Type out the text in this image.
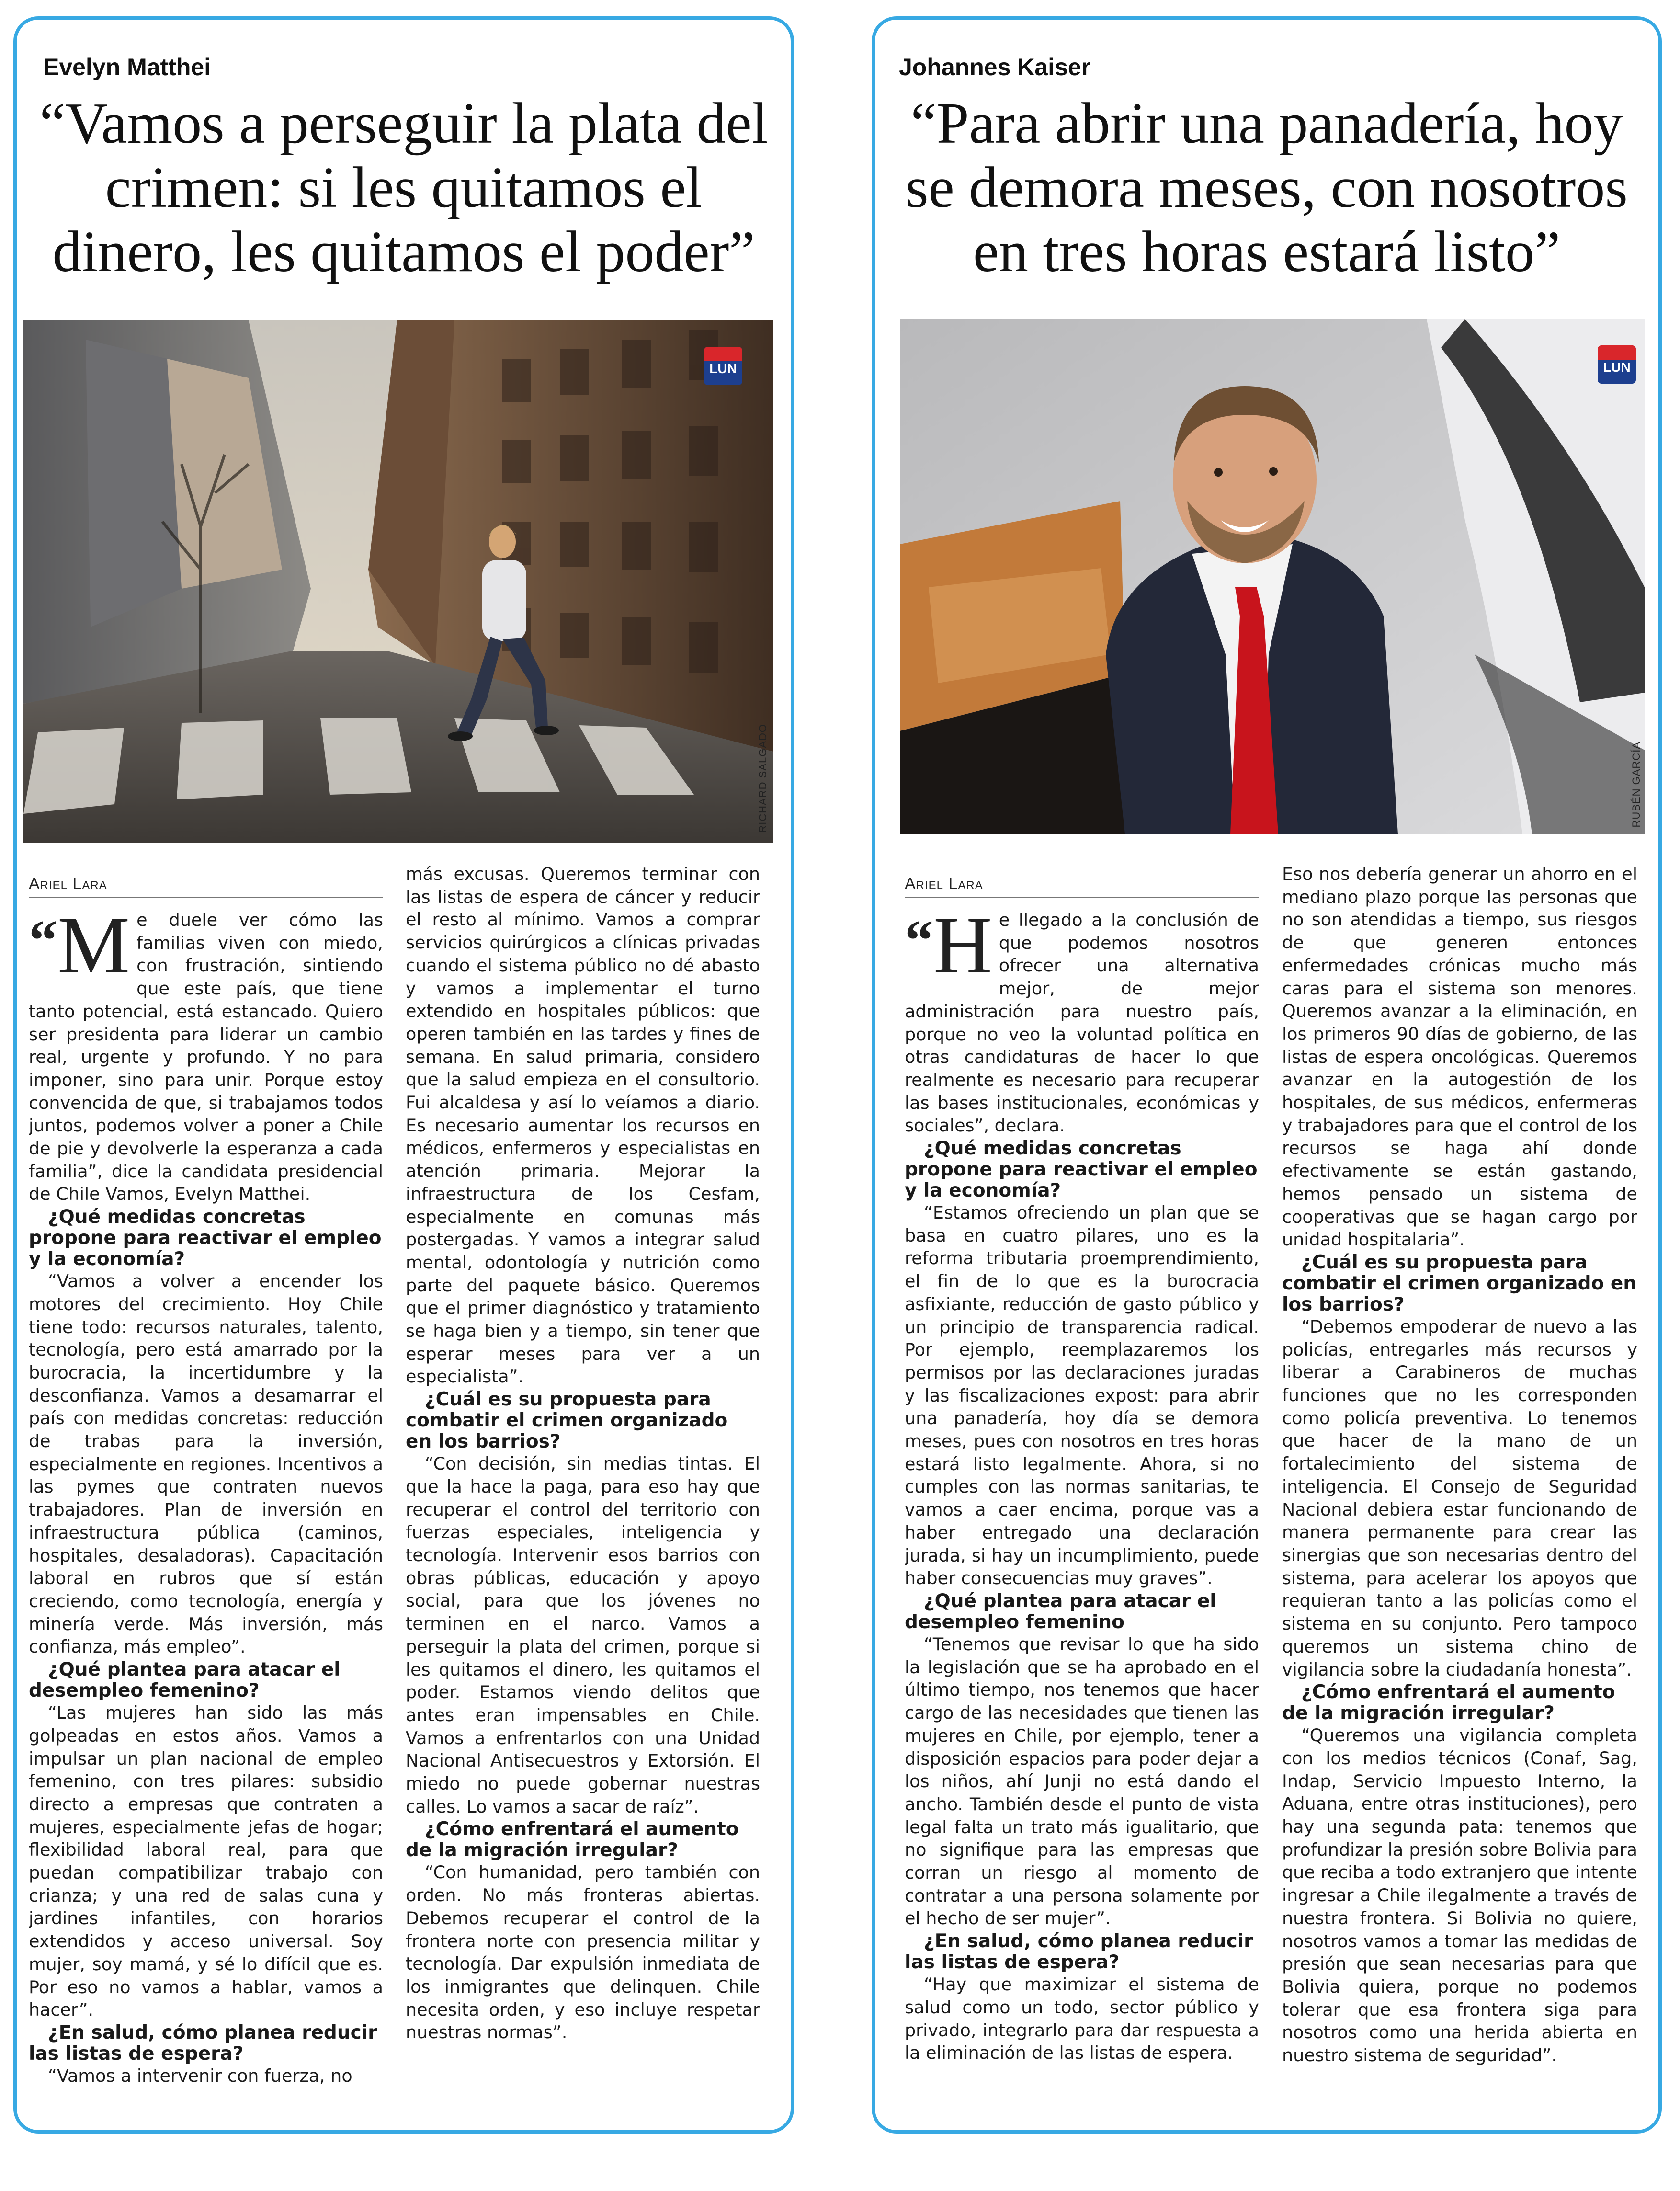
Evelyn Matthei
“Vamos a perseguir la plata del crimen: si les quitamos el dinero, les quitamos el poder”
LUN
RICHARD SALGADO
Ariel Lara

“M e duele ver cómo las familias viven con miedo, con frustración, sintiendo que este país, que tiene tanto potencial, está estancado. Quiero ser presidenta para liderar un cambio real, urgente y profundo. Y no para imponer, sino para unir. Porque estoy convencida de que, si trabajamos todos juntos, podemos volver a poner a Chile de pie y devolverle la esperanza a cada familia”, dice la candidata presidencial de Chile Vamos, Evelyn Matthei.

¿Qué medidas concretas propone para reactivar el empleo y la economía?

“Vamos a volver a encender los motores del crecimiento. Hoy Chile tiene todo: recursos naturales, talento, tecnología, pero está amarrado por la burocracia, la incertidumbre y la desconfianza. Vamos a desamarrar el país con medidas concretas: reducción de trabas para la inversión, especialmente en regiones. Incentivos a las pymes que contraten nuevos trabajadores. Plan de inversión en infraestructura pública (caminos, hospitales, desaladoras). Capacitación laboral en rubros que sí están creciendo, como tecnología, energía y minería verde. Más inversión, más confianza, más empleo”.

¿Qué plantea para atacar el desempleo femenino?

“Las mujeres han sido las más golpeadas en estos años. Vamos a impulsar un plan nacional de empleo femenino, con tres pilares: subsidio directo a empresas que contraten a mujeres, especialmente jefas de hogar; flexibilidad laboral real, para que puedan compatibilizar trabajo con crianza; y una red de salas cuna y jardines infantiles, con horarios extendidos y acceso universal. Soy mujer, soy mamá, y sé lo difícil que es. Por eso no vamos a hablar, vamos a hacer”.

¿En salud, cómo planea reducir las listas de espera?

“Vamos a intervenir con fuerza, no

más excusas. Queremos terminar con las listas de espera de cáncer y reducir el resto al mínimo. Vamos a comprar servicios quirúrgicos a clínicas privadas cuando el sistema público no dé abasto y vamos a implementar el turno extendido en hospitales públicos: que operen también en las tardes y fines de semana. En salud primaria, considero que la salud empieza en el consultorio. Fui alcaldesa y así lo veíamos a diario. Es necesario aumentar los recursos en médicos, enfermeros y especialistas en atención primaria. Mejorar la infraestructura de los Cesfam, especialmente en comunas más postergadas. Y vamos a integrar salud mental, odontología y nutrición como parte del paquete básico. Queremos que el primer diagnóstico y tratamiento se haga bien y a tiempo, sin tener que esperar meses para ver a un especialista”.

¿Cuál es su propuesta para combatir el crimen organizado en los barrios?

“Con decisión, sin medias tintas. El que la hace la paga, para eso hay que recuperar el control del territorio con fuerzas especiales, inteligencia y tecnología. Intervenir esos barrios con obras públicas, educación y apoyo social, para que los jóvenes no terminen en el narco. Vamos a perseguir la plata del crimen, porque si les quitamos el dinero, les quitamos el poder. Estamos viendo delitos que antes eran impensables en Chile. Vamos a enfrentarlos con una Unidad Nacional Antisecuestros y Extorsión. El miedo no puede gobernar nuestras calles. Lo vamos a sacar de raíz”.

¿Cómo enfrentará el aumento de la migración irregular?

“Con humanidad, pero también con orden. No más fronteras abiertas. Debemos recuperar el control de la frontera norte con presencia militar y tecnología. Dar expulsión inmediata de los inmigrantes que delinquen. Chile necesita orden, y eso incluye respetar nuestras normas”.

Johannes Kaiser
“Para abrir una panadería, hoy se demora meses, con nosotros en tres horas estará listo”
LUN
RUBÉN GARCÍA
Ariel Lara

“H e llegado a la conclusión de que podemos nosotros ofrecer una alternativa mejor, de mejor administración para nuestro país, porque no veo la voluntad política en otras candidaturas de hacer lo que realmente es necesario para recuperar las bases institucionales, económicas y sociales”, declara.

¿Qué medidas concretas propone para reactivar el empleo y la economía?

“Estamos ofreciendo un plan que se basa en cuatro pilares, uno es la reforma tributaria proemprendimiento, el fin de lo que es la burocracia asfixiante, reducción de gasto público y un principio de transparencia radical. Por ejemplo, reemplazaremos los permisos por las declaraciones juradas y las fiscalizaciones expost: para abrir una panadería, hoy día se demora meses, pues con nosotros en tres horas estará listo legalmente. Ahora, si no cumples con las normas sanitarias, te vamos a caer encima, porque vas a haber entregado una declaración jurada, si hay un incumplimiento, puede haber consecuencias muy graves”.

¿Qué plantea para atacar el desempleo femenino

“Tenemos que revisar lo que ha sido la legislación que se ha aprobado en el último tiempo, nos tenemos que hacer cargo de las necesidades que tienen las mujeres en Chile, por ejemplo, tener a disposición espacios para poder dejar a los niños, ahí Junji no está dando el ancho. También desde el punto de vista legal falta un trato más igualitario, que no signifique para las empresas que corran un riesgo al momento de contratar a una persona solamente por el hecho de ser mujer”.

¿En salud, cómo planea reducir las listas de espera?

“Hay que maximizar el sistema de salud como un todo, sector público y privado, integrarlo para dar respuesta a la eliminación de las listas de espera.

Eso nos debería generar un ahorro en el mediano plazo porque las personas que no son atendidas a tiempo, sus riesgos de que generen entonces enfermedades crónicas mucho más caras para el sistema son menores. Queremos avanzar a la eliminación, en los primeros 90 días de gobierno, de las listas de espera oncológicas. Queremos avanzar en la autogestión de los hospitales, de sus médicos, enfermeras y trabajadores para que el control de los recursos se haga ahí donde efectivamente se están gastando, hemos pensado un sistema de cooperativas que se hagan cargo por unidad hospitalaria”.

¿Cuál es su propuesta para combatir el crimen organizado en los barrios?

“Debemos empoderar de nuevo a las policías, entregarles más recursos y liberar a Carabineros de muchas funciones que no les corresponden como policía preventiva. Lo tenemos que hacer de la mano de un fortalecimiento del sistema de inteligencia. El Consejo de Seguridad Nacional debiera estar funcionando de manera permanente para crear las sinergias que son necesarias dentro del sistema, para acelerar los apoyos que requieran tanto a las policías como el sistema en su conjunto. Pero tampoco queremos un sistema chino de vigilancia sobre la ciudadanía honesta”.

¿Cómo enfrentará el aumento de la migración irregular?

“Queremos una vigilancia completa con los medios técnicos (Conaf, Sag, Indap, Servicio Impuesto Interno, la Aduana, entre otras instituciones), pero hay una segunda pata: tenemos que profundizar la presión sobre Bolivia para que reciba a todo extranjero que intente ingresar a Chile ilegalmente a través de nuestra frontera. Si Bolivia no quiere, nosotros vamos a tomar las medidas de presión que sean necesarias para que Bolivia quiera, porque no podemos tolerar que esa frontera siga para nosotros como una herida abierta en nuestro sistema de seguridad”.
